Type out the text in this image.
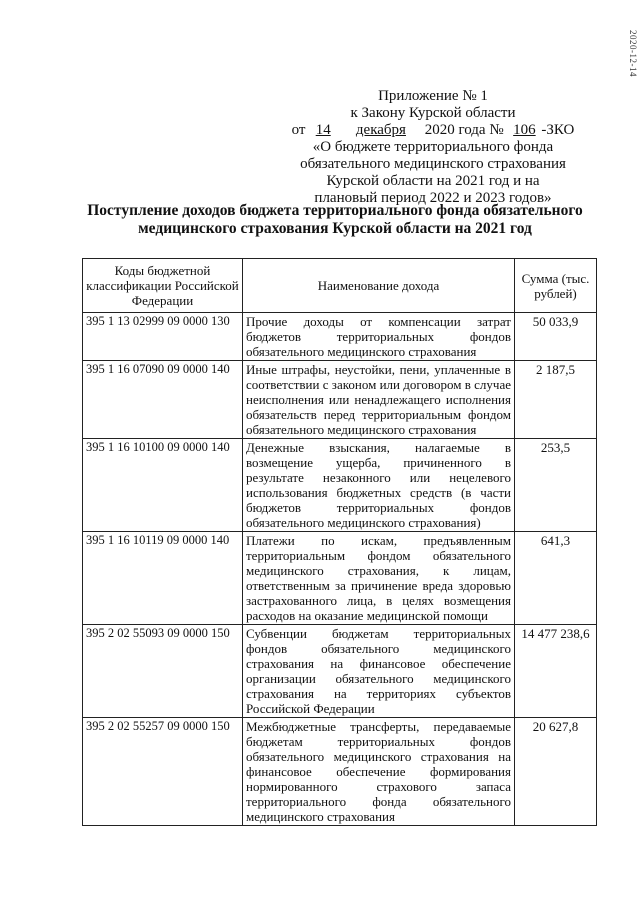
2020-12-14
Приложение № 1
к Закону Курской области
от 14 декабря 2020 года № 106 -ЗКО
«О бюджете территориального фонда
обязательного медицинского страхования
Курской области на 2021 год и на
плановый период 2022 и 2023 годов»
Поступление доходов бюджета территориального фонда обязательного
медицинского страхования Курской области на 2021 год
Коды бюджетной классификации Российской Федерации	Наименование дохода	Сумма (тыс. рублей)
395 1 13 02999 09 0000 130	Прочие доходы от компенсации затрат бюджетов территориальных фондов обязательного медицинского страхования	50 033,9
395 1 16 07090 09 0000 140	Иные штрафы, неустойки, пени, уплаченные в соответствии с законом или договором в случае неисполнения или ненадлежащего исполнения обязательств перед территориальным фондом обязательного медицинского страхования	2 187,5
395 1 16 10100 09 0000 140	Денежные взыскания, налагаемые в возмещение ущерба, причиненного в результате незаконного или нецелевого использования бюджетных средств (в части бюджетов территориальных фондов обязательного медицинского страхования)	253,5
395 1 16 10119 09 0000 140	Платежи по искам, предъявленным территориальным фондом обязательного медицинского страхования, к лицам, ответственным за причинение вреда здоровью застрахованного лица, в целях возмещения расходов на оказание медицинской помощи	641,3
395 2 02 55093 09 0000 150	Субвенции бюджетам территориальных фондов обязательного медицинского страхования на финансовое обеспечение организации обязательного медицинского страхования на территориях субъектов Российской Федерации	14 477 238,6
395 2 02 55257 09 0000 150	Межбюджетные трансферты, передаваемые бюджетам территориальных фондов обязательного медицинского страхования на финансовое обеспечение формирования нормированного страхового запаса территориального фонда обязательного медицинского страхования	20 627,8
